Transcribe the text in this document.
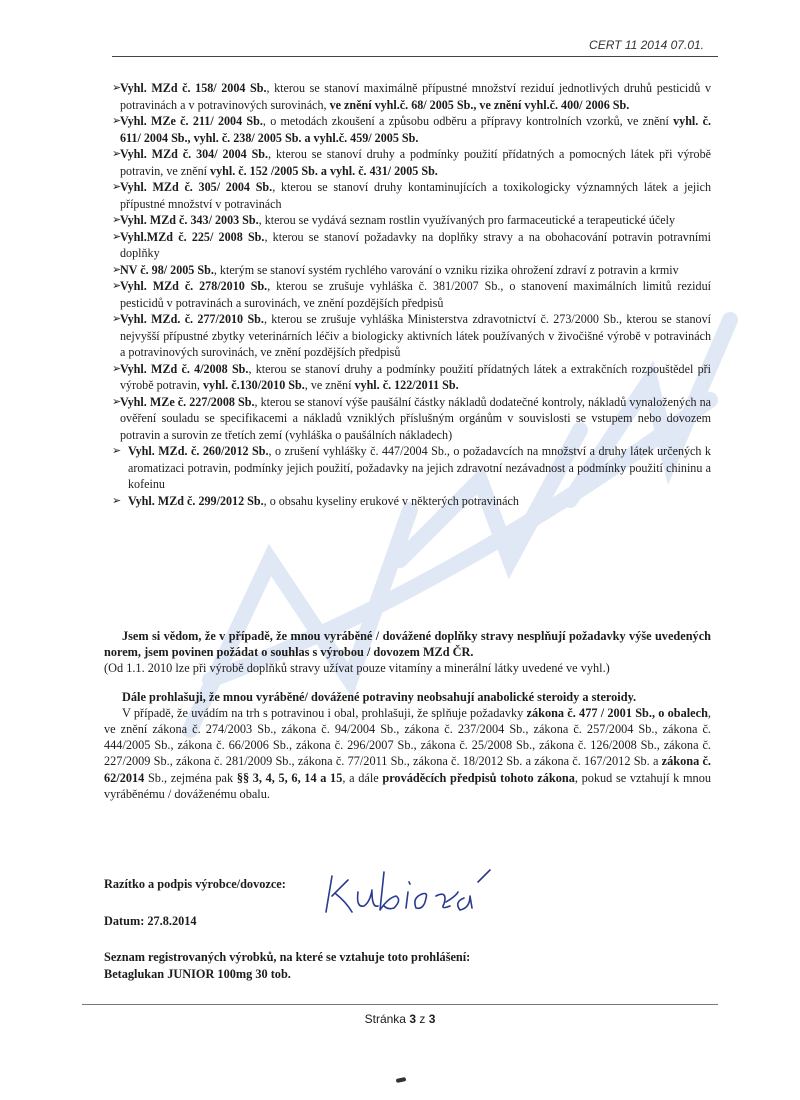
CERT 11 2014 07.01.

➢
Vyhl. MZd č. 158/ 2004 Sb., kterou se stanoví maximálně přípustné množství reziduí jednotlivých druhů pesticidů v potravinách a v potravinových surovinách, ve znění vyhl.č. 68/ 2005 Sb., ve znění vyhl.č. 400/ 2006 Sb.

➢
Vyhl. MZe č. 211/ 2004 Sb., o metodách zkoušení a způsobu odběru a přípravy kontrolních vzorků, ve znění vyhl. č. 611/ 2004 Sb., vyhl. č. 238/ 2005 Sb. a vyhl.č. 459/ 2005 Sb.

➢
Vyhl. MZd č. 304/ 2004 Sb., kterou se stanoví druhy a podmínky použití přídatných a pomocných látek při výrobě potravin, ve znění vyhl. č. 152 /2005 Sb. a vyhl. č. 431/ 2005 Sb.

➢
Vyhl. MZd č. 305/ 2004 Sb., kterou se stanoví druhy kontaminujících a toxikologicky významných látek a jejich přípustné množství v potravinách

➢
Vyhl. MZd č. 343/ 2003 Sb., kterou se vydává seznam rostlin využívaných pro farmaceutické a terapeutické účely

➢
Vyhl.MZd č. 225/ 2008 Sb., kterou se stanoví požadavky na doplňky stravy a na obohacování potravin potravními doplňky

➢
NV č. 98/ 2005 Sb., kterým se stanoví systém rychlého varování o vzniku rizika ohrožení zdraví z potravin a krmiv

➢
Vyhl. MZd č. 278/2010 Sb., kterou se zrušuje vyhláška č. 381/2007 Sb., o stanovení maximálních limitů reziduí pesticidů v potravinách a surovinách, ve znění pozdějších předpisů

➢
Vyhl. MZd. č. 277/2010 Sb., kterou se zrušuje vyhláška Ministerstva zdravotnictví č. 273/2000 Sb., kterou se stanoví nejvyšší přípustné zbytky veterinárních léčiv a biologicky aktivních látek používaných v živočišné výrobě v potravinách a potravinových surovinách, ve znění pozdějších předpisů

➢
Vyhl. MZd č. 4/2008 Sb., kterou se stanoví druhy a podmínky použití přídatných látek a extrakčních rozpouštědel při výrobě potravin, vyhl. č.130/2010 Sb., ve znění vyhl. č. 122/2011 Sb.

➢
Vyhl. MZe č. 227/2008 Sb., kterou se stanoví výše paušální částky nákladů dodatečné kontroly, nákladů vynaložených na ověření souladu se specifikacemi a nákladů vzniklých příslušným orgánům v souvislosti se vstupem nebo dovozem potravin a surovin ze třetích zemí (vyhláška o paušálních nákladech)

➢ Vyhl. MZd. č. 260/2012 Sb., o zrušení vyhlášky č. 447/2004 Sb., o požadavcích na množství a druhy látek určených k aromatizaci potravin, podmínky jejich použití, požadavky na jejich zdravotní nezávadnost a podmínky použití chininu a kofeinu

➢ Vyhl. MZd č. 299/2012 Sb., o obsahu kyseliny erukové v některých potravinách

Jsem si vědom, že v případě, že mnou vyráběné / dovážené doplňky stravy nesplňují požadavky výše uvedených norem, jsem povinen požádat o souhlas s výrobou / dovozem MZd ČR.

(Od 1.1. 2010 lze při výrobě doplňků stravy užívat pouze vitamíny a minerální látky uvedené ve vyhl.)

Dále prohlašuji, že mnou vyráběné/ dovážené potraviny neobsahují anabolické steroidy a steroidy.

V případě, že uvádím na trh s potravinou i obal, prohlašuji, že splňuje požadavky zákona č. 477 / 2001 Sb., o obalech, ve znění zákona č. 274/2003 Sb., zákona č. 94/2004 Sb., zákona č. 237/2004 Sb., zákona č. 257/2004 Sb., zákona č. 444/2005 Sb., zákona č. 66/2006 Sb., zákona č. 296/2007 Sb., zákona č. 25/2008 Sb., zákona č. 126/2008 Sb., zákona č. 227/2009 Sb., zákona č. 281/2009 Sb., zákona č. 77/2011 Sb., zákona č. 18/2012 Sb. a zákona č. 167/2012 Sb. a zákona č. 62/2014 Sb., zejména pak §§ 3, 4, 5, 6, 14 a 15, a dále prováděcích předpisů tohoto zákona, pokud se vztahují k mnou vyráběnému / dováženému obalu.

Razítko a podpis výrobce/dovozce:

Datum: 27.8.2014

Seznam registrovaných výrobků, na které se vztahuje toto prohlášení:

Betaglukan JUNIOR 100mg 30 tob.

Stránka 3 z 3
